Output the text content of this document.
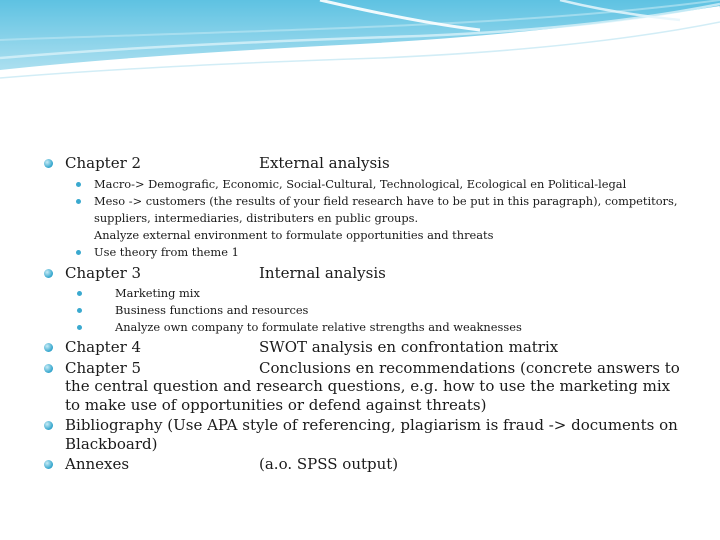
Chapter 2	External analysis
Macro-> Demografic, Economic, Social-Cultural, Technological, Ecological en Political-legal
Meso -> customers (the results of your field research have to be put in this paragraph), competitors, suppliers, intermediaries, distributers en public groups.
Analyze external environment to formulate opportunities and threats
Use theory from theme 1
Chapter 3	Internal analysis
Marketing mix
Business functions and resources
Analyze own company to formulate relative strengths and weaknesses
Chapter 4	SWOT analysis en confrontation matrix
Chapter 5	Conclusions en recommendations (concrete answers to
the central question and research questions, e.g. how to use the marketing mix to make use of opportunities or defend against threats)
Bibliography (Use APA style of referencing, plagiarism is fraud -> documents on Blackboard)
Annexes	(a.o. SPSS output)
